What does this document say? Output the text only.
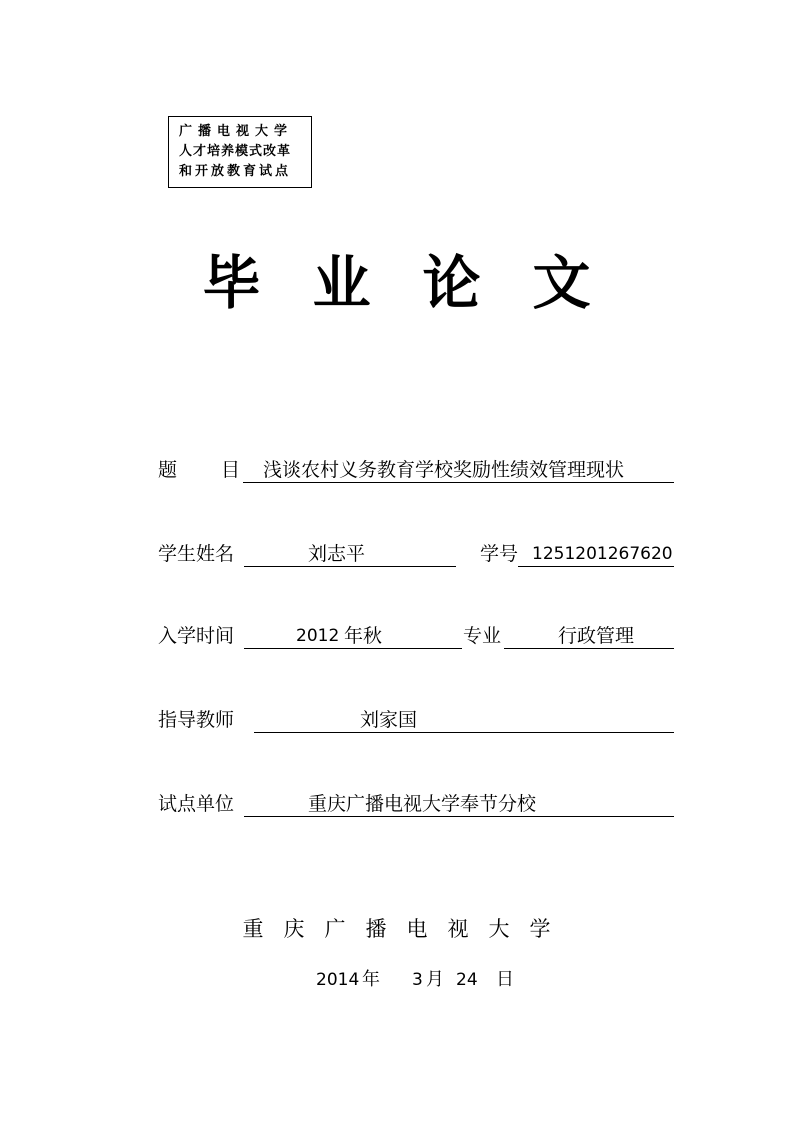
广播电视大学
人才培养模式改革
和开放教育试点
毕 业 论 文
题 目 浅谈农村义务教育学校奖励性绩效管理现状
学生姓名	刘志平	学号 1251201267620
入学时间	2012 年秋	专业	行政管理
指导教师	刘家国
试点单位	重庆广播电视大学奉节分校
重 庆 广 播 电 视 大 学
2014 年 3 月 24 日
